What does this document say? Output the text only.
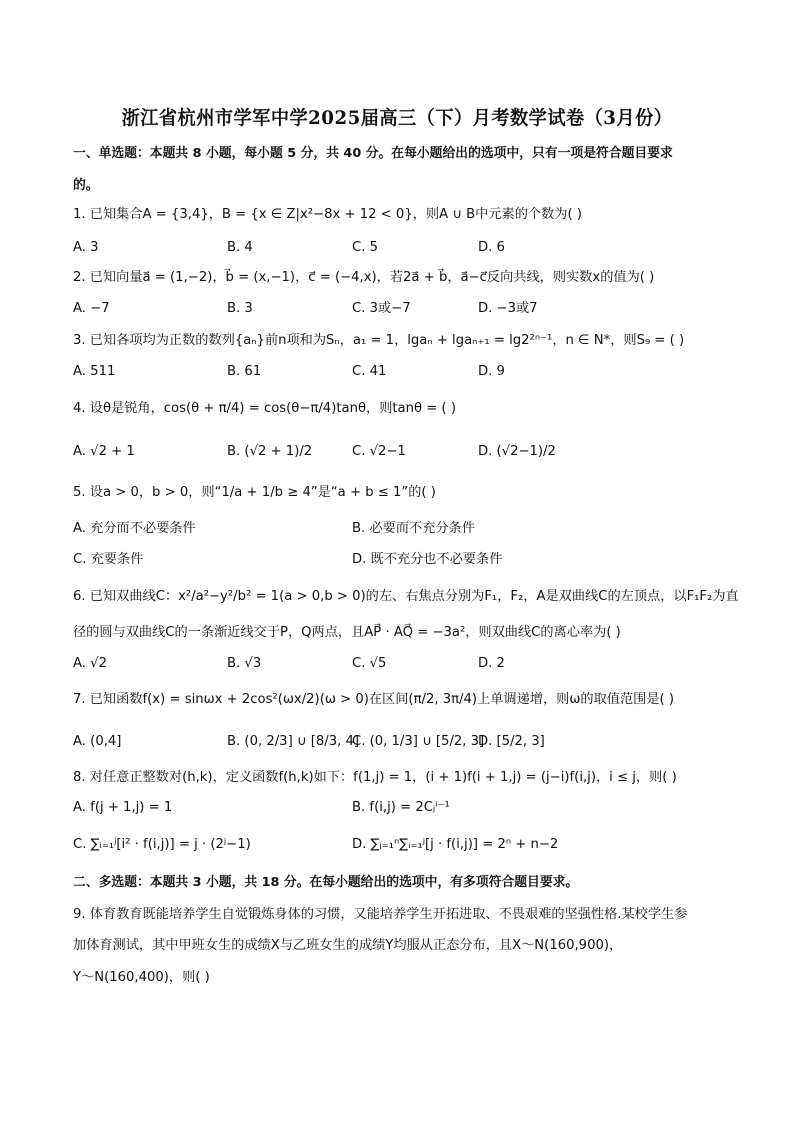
浙江省杭州市学军中学2025届高三（下）月考数学试卷（3月份）
一、单选题：本题共 8 小题，每小题 5 分，共 40 分。在每小题给出的选项中，只有一项是符合题目要求
的。
1. 已知集合A = {3,4}，B = {x ∈ Z|x²−8x + 12 < 0}，则A ∪ B中元素的个数为( )
A. 3	B. 4	C. 5	D. 6
2. 已知向量a⃗ = (1,−2)，b⃗ = (x,−1)，c⃗ = (−4,x)，若2a⃗ + b⃗，a⃗−c⃗反向共线，则实数x的值为( )
A. −7	B. 3	C. 3或−7	D. −3或7
3. 已知各项均为正数的数列{aₙ}前n项和为Sₙ，a₁ = 1，lgaₙ + lgaₙ₊₁ = lg2²ⁿ⁻¹，n ∈ N*，则S₉ = ( )
A. 511	B. 61	C. 41	D. 9
4. 设θ是锐角，cos(θ + π/4) = cos(θ−π/4)tanθ，则tanθ = ( )
A. √2 + 1	B. (√2 + 1)/2	C. √2−1	D. (√2−1)/2
5. 设a > 0，b > 0，则“1/a + 1/b ≥ 4”是“a + b ≤ 1”的( )
A. 充分而不必要条件	B. 必要而不充分条件
C. 充要条件	D. 既不充分也不必要条件
6. 已知双曲线C：x²/a²−y²/b² = 1(a > 0,b > 0)的左、右焦点分别为F₁，F₂，A是双曲线C的左顶点，以F₁F₂为直
径的圆与双曲线C的一条渐近线交于P，Q两点，且AP⃗ · AQ⃗ = −3a²，则双曲线C的离心率为( )
A. √2	B. √3	C. √5	D. 2
7. 已知函数f(x) = sinωx + 2cos²(ωx/2)(ω > 0)在区间(π/2, 3π/4)上单调递增，则ω的取值范围是( )
A. (0,4]	B. (0, 2/3] ∪ [8/3, 4]
C. (0, 1/3] ∪ [5/2, 3]
D. [5/2, 3]
8. 对任意正整数对(h,k)，定义函数f(h,k)如下：f(1,j) = 1，(i + 1)f(i + 1,j) = (j−i)f(i,j)，i ≤ j，则( )
A. f(j + 1,j) = 1	B. f(i,j) = 2Cⱼⁱ⁻¹
C. ∑ᵢ₌₁ʲ[i² · f(i,j)] = j · (2ʲ−1)	D. ∑ⱼ₌₁ⁿ∑ᵢ₌₁ʲ[j · f(i,j)] = 2ⁿ + n−2
二、多选题：本题共 3 小题，共 18 分。在每小题给出的选项中，有多项符合题目要求。
9. 体育教育既能培养学生自觉锻炼身体的习惯，又能培养学生开拓进取、不畏艰难的坚强性格.某校学生参
加体育测试，其中甲班女生的成绩X与乙班女生的成绩Y均服从正态分布，且X～N(160,900)，
Y～N(160,400)，则( )
